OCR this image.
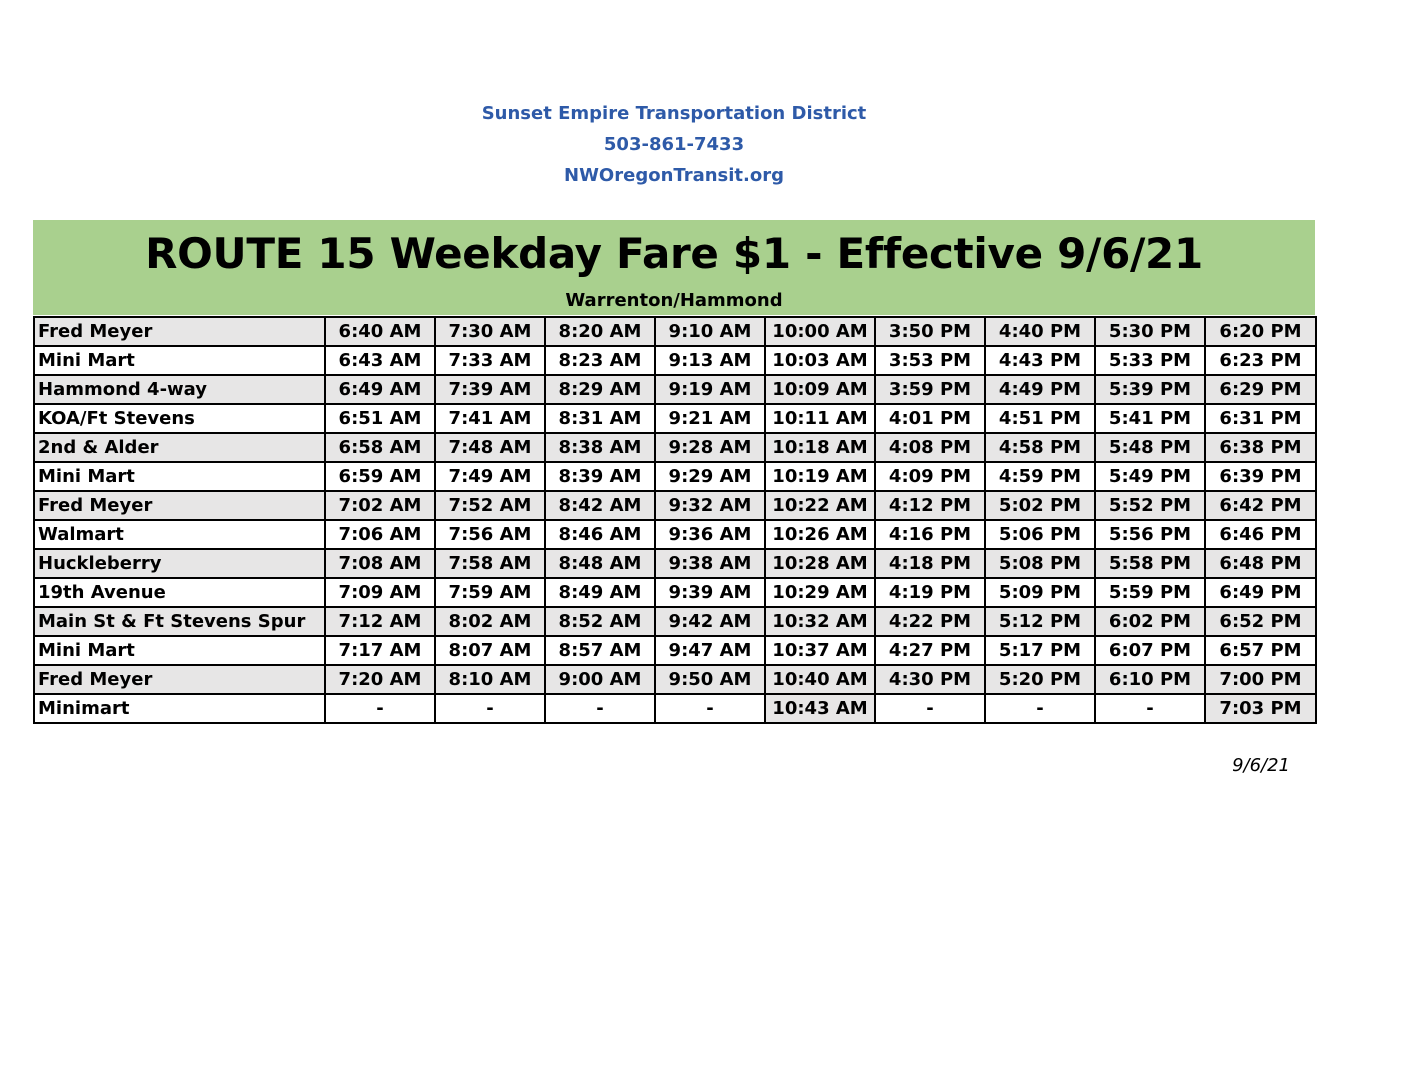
Sunset Empire Transportation District
503-861-7433
NWOregonTransit.org
ROUTE 15 Weekday Fare $1 - Effective 9/6/21
Warrenton/Hammond
Fred Meyer	6:40 AM	7:30 AM	8:20 AM	9:10 AM	10:00 AM	3:50 PM	4:40 PM	5:30 PM	6:20 PM
Mini Mart	6:43 AM	7:33 AM	8:23 AM	9:13 AM	10:03 AM	3:53 PM	4:43 PM	5:33 PM	6:23 PM
Hammond 4-way	6:49 AM	7:39 AM	8:29 AM	9:19 AM	10:09 AM	3:59 PM	4:49 PM	5:39 PM	6:29 PM
KOA/Ft Stevens	6:51 AM	7:41 AM	8:31 AM	9:21 AM	10:11 AM	4:01 PM	4:51 PM	5:41 PM	6:31 PM
2nd & Alder	6:58 AM	7:48 AM	8:38 AM	9:28 AM	10:18 AM	4:08 PM	4:58 PM	5:48 PM	6:38 PM
Mini Mart	6:59 AM	7:49 AM	8:39 AM	9:29 AM	10:19 AM	4:09 PM	4:59 PM	5:49 PM	6:39 PM
Fred Meyer	7:02 AM	7:52 AM	8:42 AM	9:32 AM	10:22 AM	4:12 PM	5:02 PM	5:52 PM	6:42 PM
Walmart	7:06 AM	7:56 AM	8:46 AM	9:36 AM	10:26 AM	4:16 PM	5:06 PM	5:56 PM	6:46 PM
Huckleberry	7:08 AM	7:58 AM	8:48 AM	9:38 AM	10:28 AM	4:18 PM	5:08 PM	5:58 PM	6:48 PM
19th Avenue	7:09 AM	7:59 AM	8:49 AM	9:39 AM	10:29 AM	4:19 PM	5:09 PM	5:59 PM	6:49 PM
Main St & Ft Stevens Spur	7:12 AM	8:02 AM	8:52 AM	9:42 AM	10:32 AM	4:22 PM	5:12 PM	6:02 PM	6:52 PM
Mini Mart	7:17 AM	8:07 AM	8:57 AM	9:47 AM	10:37 AM	4:27 PM	5:17 PM	6:07 PM	6:57 PM
Fred Meyer	7:20 AM	8:10 AM	9:00 AM	9:50 AM	10:40 AM	4:30 PM	5:20 PM	6:10 PM	7:00 PM
Minimart	-	-	-	-	10:43 AM	-	-	-	7:03 PM
9/6/21
